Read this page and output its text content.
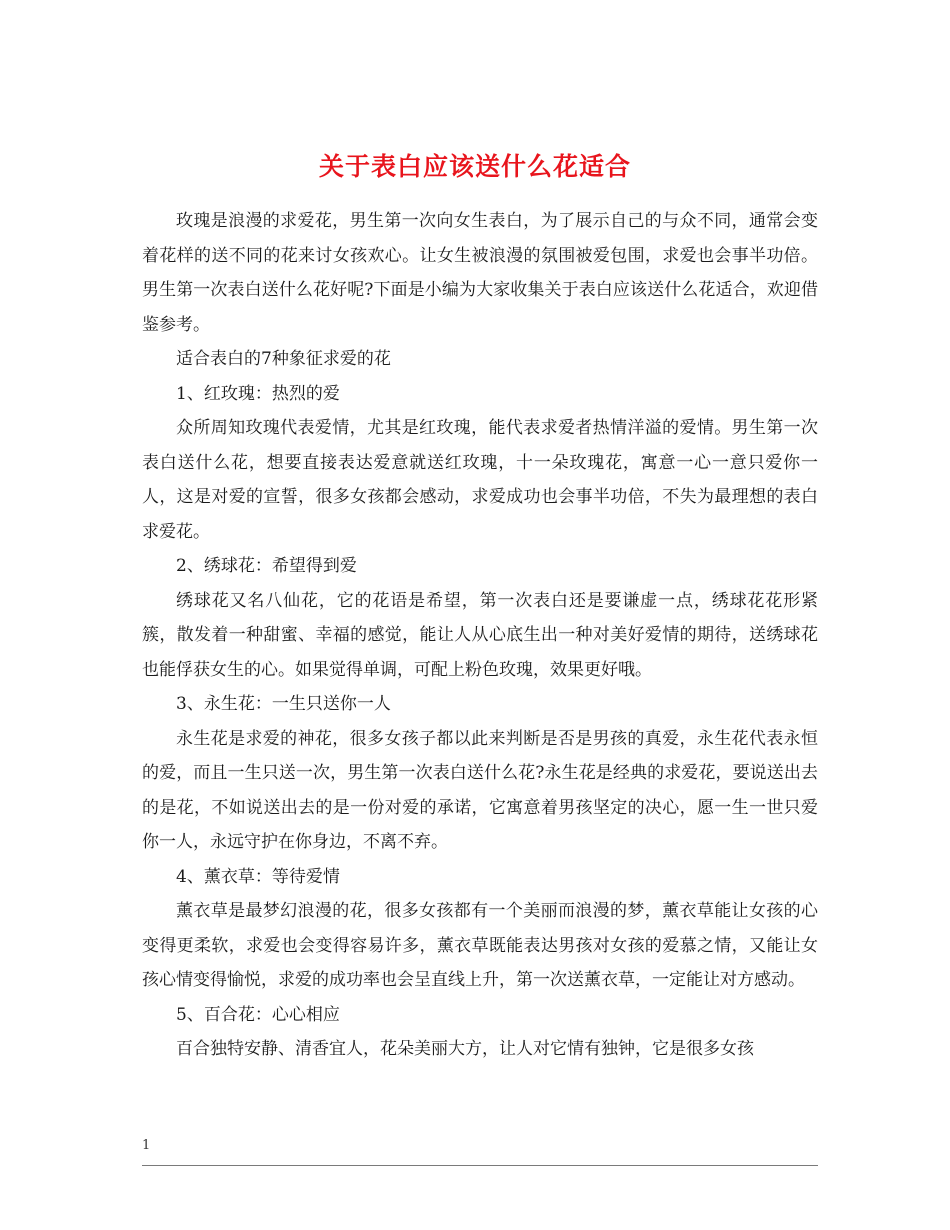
关于表白应该送什么花适合

玫瑰是浪漫的求爱花，男生第一次向女生表白，为了展示自己的与众不同，通常会变着花样的送不同的花来讨女孩欢心。让女生被浪漫的氛围被爱包围，求爱也会事半功倍。男生第一次表白送什么花好呢?下面是小编为大家收集关于表白应该送什么花适合，欢迎借鉴参考。

适合表白的7种象征求爱的花

1、红玫瑰：热烈的爱

众所周知玫瑰代表爱情，尤其是红玫瑰，能代表求爱者热情洋溢的爱情。男生第一次表白送什么花，想要直接表达爱意就送红玫瑰，十一朵玫瑰花，寓意一心一意只爱你一人，这是对爱的宣誓，很多女孩都会感动，求爱成功也会事半功倍，不失为最理想的表白求爱花。

2、绣球花：希望得到爱

绣球花又名八仙花，它的花语是希望，第一次表白还是要谦虚一点，绣球花花形紧簇，散发着一种甜蜜、幸福的感觉，能让人从心底生出一种对美好爱情的期待，送绣球花也能俘获女生的心。如果觉得单调，可配上粉色玫瑰，效果更好哦。

3、永生花：一生只送你一人

永生花是求爱的神花，很多女孩子都以此来判断是否是男孩的真爱，永生花代表永恒的爱，而且一生只送一次，男生第一次表白送什么花?永生花是经典的求爱花，要说送出去的是花，不如说送出去的是一份对爱的承诺，它寓意着男孩坚定的决心，愿一生一世只爱你一人，永远守护在你身边，不离不弃。

4、薰衣草：等待爱情

薰衣草是最梦幻浪漫的花，很多女孩都有一个美丽而浪漫的梦，薰衣草能让女孩的心变得更柔软，求爱也会变得容易许多，薰衣草既能表达男孩对女孩的爱慕之情，又能让女孩心情变得愉悦，求爱的成功率也会呈直线上升，第一次送薰衣草，一定能让对方感动。

5、百合花：心心相应

百合独特安静、清香宜人，花朵美丽大方，让人对它情有独钟，它是很多女孩

1
